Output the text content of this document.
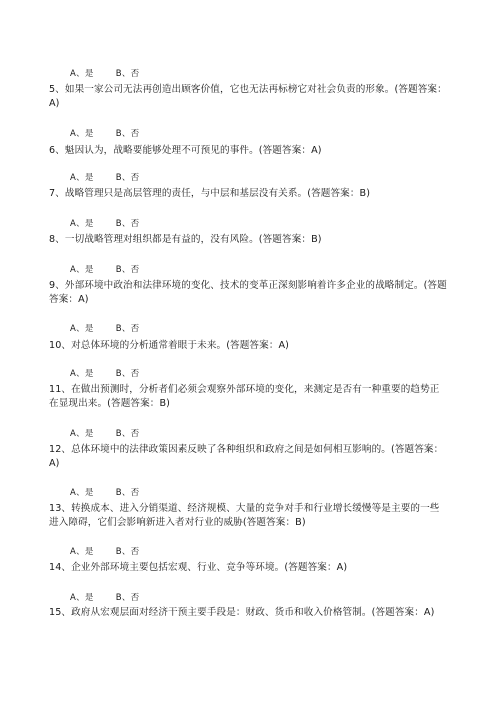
A、是	B、否
5、如果一家公司无法再创造出顾客价值，它也无法再标榜它对社会负责的形象。(答题答案：A)
A、是	B、否
6、魁因认为，战略要能够处理不可预见的事件。(答题答案：A)
A、是	B、否
7、战略管理只是高层管理的责任，与中层和基层没有关系。(答题答案：B)
A、是	B、否
8、一切战略管理对组织都是有益的，没有风险。(答题答案：B)
A、是	B、否
9、外部环境中政治和法律环境的变化、技术的变革正深刻影响着许多企业的战略制定。(答题答案：A)
A、是	B、否
10、对总体环境的分析通常着眼于未来。(答题答案：A)
A、是	B、否
11、在做出预测时，分析者们必须会观察外部环境的变化，来测定是否有一种重要的趋势正在显现出来。(答题答案：B)
A、是	B、否
12、总体环境中的法律政策因素反映了各种组织和政府之间是如何相互影响的。(答题答案：A)
A、是	B、否
13、转换成本、进入分销渠道、经济规模、大量的竞争对手和行业增长缓慢等是主要的一些进入障碍，它们会影响新进入者对行业的威胁(答题答案：B)
A、是	B、否
14、企业外部环境主要包括宏观、行业、竞争等环境。(答题答案：A)
A、是	B、否
15、政府从宏观层面对经济干预主要手段是：财政、货币和收入价格管制。(答题答案：A)
